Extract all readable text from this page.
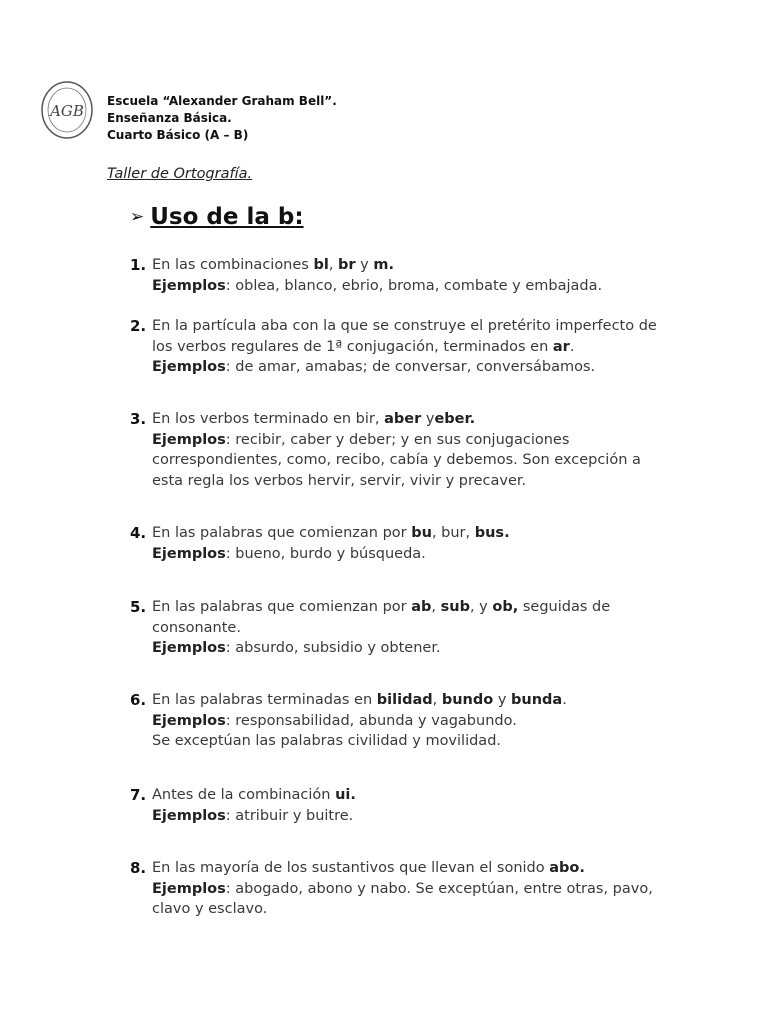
AGB
Escuela “Alexander Graham Bell”.
Enseñanza Básica.
Cuarto Básico (A – B)
Taller de Ortografía.
➢ Uso de la b:
1. En las combinaciones bl, br y m.
Ejemplos: oblea, blanco, ebrio, broma, combate y embajada.
2. En la partícula aba con la que se construye el pretérito imperfecto de los verbos regulares de 1ª conjugación, terminados en ar.
Ejemplos: de amar, amabas; de conversar, conversábamos.
3. En los verbos terminado en bir, aber yeber.
Ejemplos: recibir, caber y deber; y en sus conjugaciones correspondientes, como, recibo, cabía y debemos. Son excepción a esta regla los verbos hervir, servir, vivir y precaver.
4. En las palabras que comienzan por bu, bur, bus.
Ejemplos: bueno, burdo y búsqueda.
5. En las palabras que comienzan por ab, sub, y ob, seguidas de consonante.
Ejemplos: absurdo, subsidio y obtener.
6. En las palabras terminadas en bilidad, bundo y bunda.
Ejemplos: responsabilidad, abunda y vagabundo.
Se exceptúan las palabras civilidad y movilidad.
7. Antes de la combinación ui.
Ejemplos: atribuir y buitre.
8. En las mayoría de los sustantivos que llevan el sonido abo.
Ejemplos: abogado, abono y nabo. Se exceptúan, entre otras, pavo, clavo y esclavo.
